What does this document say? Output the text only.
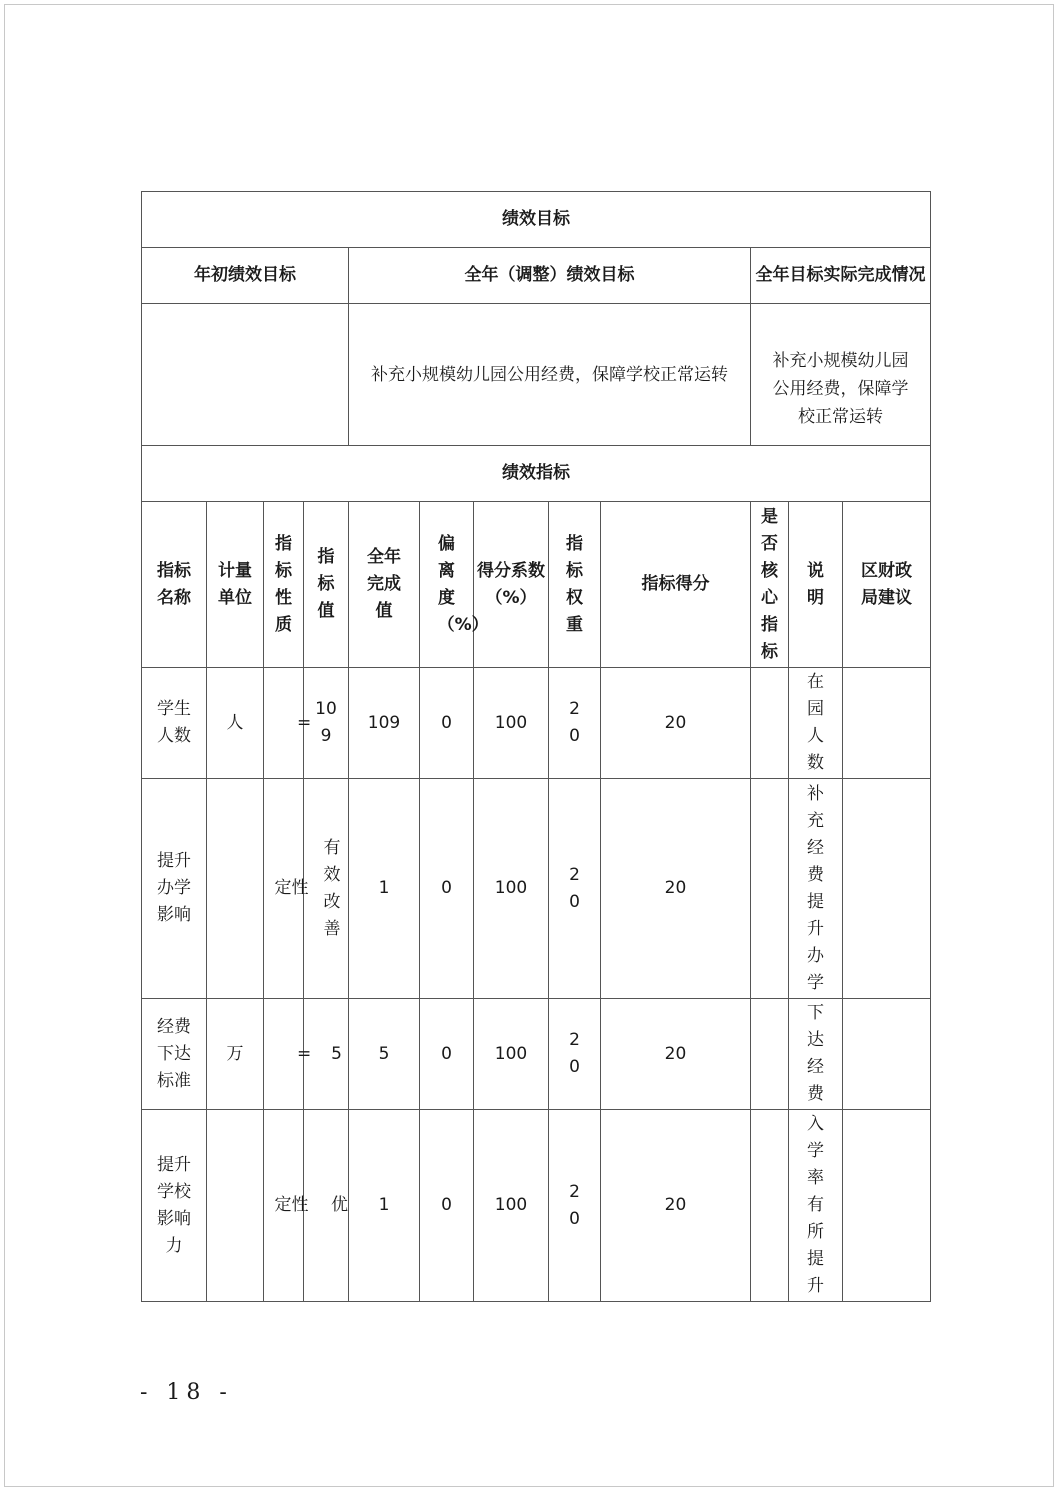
绩效目标											
年初绩效目标				全年（调整）绩效目标					全年目标实际完成情况		
				补充小规模幼儿园公用经费，保障学校正常运转					补充小规模幼儿园公用经费，保障学校正常运转		
绩效指标											
指标名称	计量单位	指标性质	指标值	全年完成值	偏离度（%）	得分系数（%）	指标权重	指标得分	是否核心指标	说明	区财政局建议
学生人数	人	=	109	109	0	100	20	20		在园人数	
提升办学影响		定性	有效改善	1	0	100	20	20		补充经费提升办学	
经费下达标准	万	=	5	5	0	100	20	20		下达经费	
提升学校影响力		定性	优	1	0	100	20	20		入学率有所提升	
- 18 -
